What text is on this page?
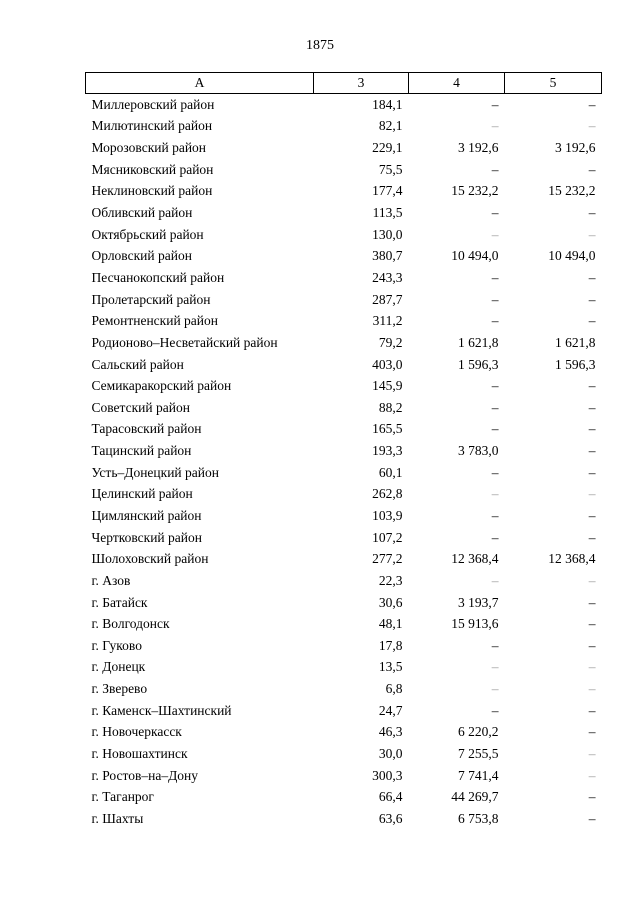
1875
А	3	4	5
Миллеровский район	184,1	–	–
Милютинский район	82,1	–	–
Морозовский район	229,1	3 192,6	3 192,6
Мясниковский район	75,5	–	–
Неклиновский район	177,4	15 232,2	15 232,2
Обливский район	113,5	–	–
Октябрьский район	130,0	–	–
Орловский район	380,7	10 494,0	10 494,0
Песчанокопский район	243,3	–	–
Пролетарский район	287,7	–	–
Ремонтненский район	311,2	–	–
Родионово–Несветайский район	79,2	1 621,8	1 621,8
Сальский район	403,0	1 596,3	1 596,3
Семикаракорский район	145,9	–	–
Советский район	88,2	–	–
Тарасовский район	165,5	–	–
Тацинский район	193,3	3 783,0	–
Усть–Донецкий район	60,1	–	–
Целинский район	262,8	–	–
Цимлянский район	103,9	–	–
Чертковский район	107,2	–	–
Шолоховский район	277,2	12 368,4	12 368,4
г. Азов	22,3	–	–
г. Батайск	30,6	3 193,7	–
г. Волгодонск	48,1	15 913,6	–
г. Гуково	17,8	–	–
г. Донецк	13,5	–	–
г. Зверево	6,8	–	–
г. Каменск–Шахтинский	24,7	–	–
г. Новочеркасск	46,3	6 220,2	–
г. Новошахтинск	30,0	7 255,5	–
г. Ростов–на–Дону	300,3	7 741,4	–
г. Таганрог	66,4	44 269,7	–
г. Шахты	63,6	6 753,8	–
